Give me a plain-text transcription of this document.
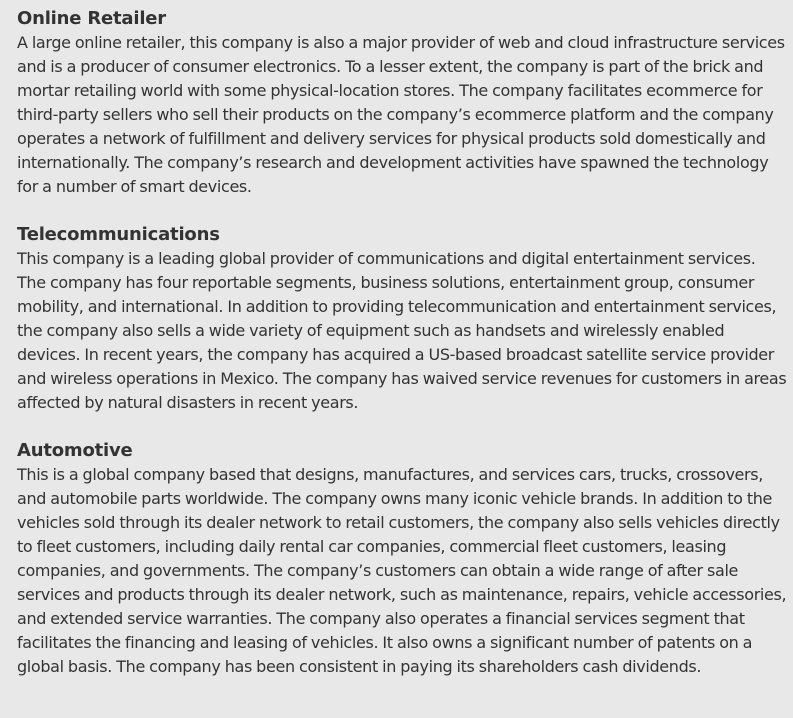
Online Retailer

A large online retailer, this company is also a major provider of web and cloud infrastructure services and is a producer of consumer electronics. To a lesser extent, the company is part of the brick and mortar retailing world with some physical-location stores. The company facilitates ecommerce for third-party sellers who sell their products on the company’s ecommerce platform and the company operates a network of fulfillment and delivery services for physical products sold domestically and internationally. The company’s research and development activities have spawned the technology for a number of smart devices.

Telecommunications

This company is a leading global provider of communications and digital entertainment services. The company has four reportable segments, business solutions, entertainment group, consumer mobility, and international. In addition to providing telecommunication and entertainment services, the company also sells a wide variety of equipment such as handsets and wirelessly enabled devices. In recent years, the company has acquired a US-based broadcast satellite service provider and wireless operations in Mexico. The company has waived service revenues for customers in areas affected by natural disasters in recent years.

Automotive

This is a global company based that designs, manufactures, and services cars, trucks, crossovers, and automobile parts worldwide. The company owns many iconic vehicle brands. In addition to the vehicles sold through its dealer network to retail customers, the company also sells vehicles directly to fleet customers, including daily rental car companies, commercial fleet customers, leasing companies, and governments. The company’s customers can obtain a wide range of after sale services and products through its dealer network, such as maintenance, repairs, vehicle accessories, and extended service warranties. The company also operates a financial services segment that facilitates the financing and leasing of vehicles. It also owns a significant number of patents on a global basis. The company has been consistent in paying its shareholders cash dividends.
